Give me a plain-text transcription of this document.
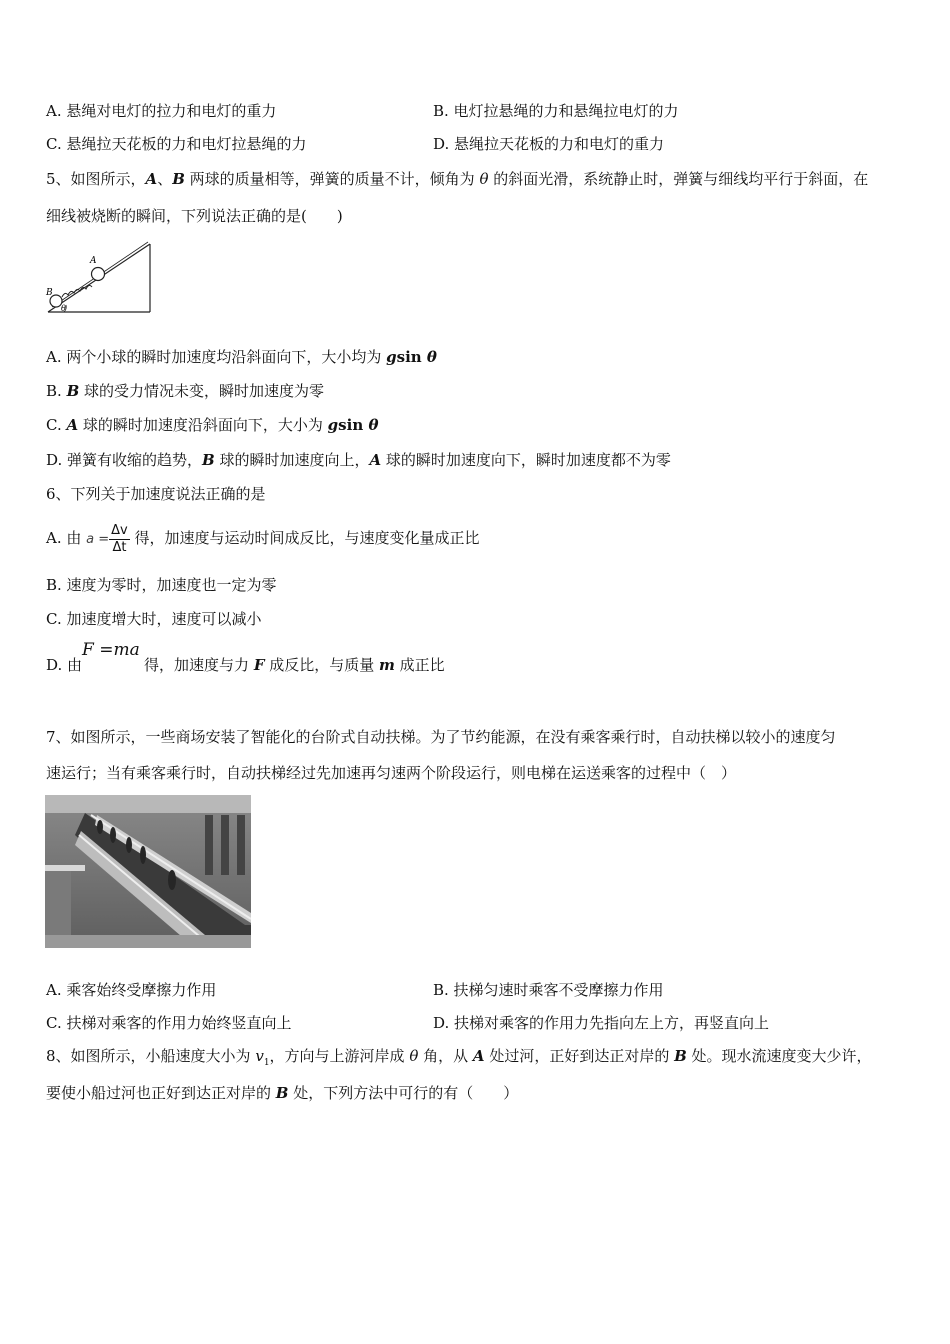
A. 悬绳对电灯的拉力和电灯的重力	B. 电灯拉悬绳的力和悬绳拉电灯的力
C. 悬绳拉天花板的力和电灯拉悬绳的力	D. 悬绳拉天花板的力和电灯的重力
5、如图所示，A、B 两球的质量相等，弹簧的质量不计，倾角为 θ 的斜面光滑，系统静止时，弹簧与细线均平行于斜面，在
细线被烧断的瞬间，下列说法正确的是(　　)
A
B
θ
A. 两个小球的瞬时加速度均沿斜面向下，大小均为 gsin θ
B. B 球的受力情况未变，瞬时加速度为零
C. A 球的瞬时加速度沿斜面向下，大小为 gsin θ
D. 弹簧有收缩的趋势，B 球的瞬时加速度向上，A 球的瞬时加速度向下，瞬时加速度都不为零
6、下列关于加速度说法正确的是
A. 由 $a = \frac{\Delta v}{\Delta t}$ 得，加速度与运动时间成反比，与速度变化量成正比
B. 速度为零时，加速度也一定为零
C. 加速度增大时，速度可以减小
F =ma
D. 由	得，加速度与力 F 成反比，与质量 m 成正比
7、如图所示，一些商场安装了智能化的台阶式自动扶梯。为了节约能源，在没有乘客乘行时，自动扶梯以较小的速度匀
速运行；当有乘客乘行时，自动扶梯经过先加速再匀速两个阶段运行，则电梯在运送乘客的过程中（　）
A. 乘客始终受摩擦力作用	B. 扶梯匀速时乘客不受摩擦力作用
C. 扶梯对乘客的作用力始终竖直向上	D. 扶梯对乘客的作用力先指向左上方，再竖直向上
8、如图所示，小船速度大小为 $v_1$，方向与上游河岸成 θ 角，从 A 处过河，正好到达正对岸的 B 处。现水流速度变大少许，
要使小船过河也正好到达正对岸的 B 处，下列方法中可行的有（　　）
